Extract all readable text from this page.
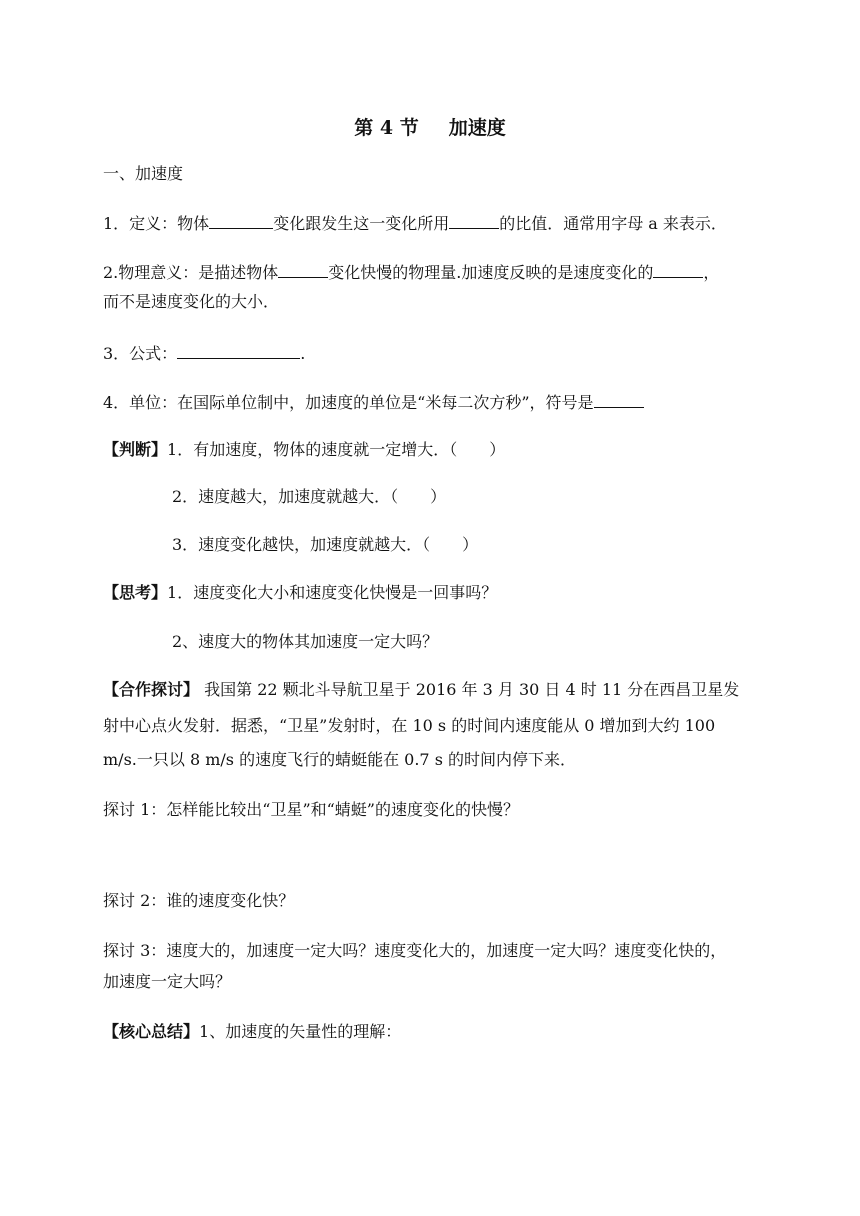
第 4 节 加速度
一、加速度
1．定义：物体	变化跟发生这一变化所用	的比值．通常用字母 a 来表示．
2.物理意义：是描述物体	变化快慢的物理量.加速度反映的是速度变化的	，
而不是速度变化的大小．
3．公式：	.
4．单位：在国际单位制中，加速度的单位是“米每二次方秒”，符号是
【判断】1．有加速度，物体的速度就一定增大．（　　）
2．速度越大，加速度就越大．（　　）
3．速度变化越快，加速度就越大．（　　）
【思考】1．速度变化大小和速度变化快慢是一回事吗？
2、速度大的物体其加速度一定大吗？
【合作探讨】 我国第 22 颗北斗导航卫星于 2016 年 3 月 30 日 4 时 11 分在西昌卫星发
射中心点火发射．据悉，“卫星”发射时，在 10 s 的时间内速度能从 0 增加到大约 100
m/s.一只以 8 m/s 的速度飞行的蜻蜓能在 0.7 s 的时间内停下来．
探讨 1：怎样能比较出“卫星”和“蜻蜓”的速度变化的快慢？
探讨 2：谁的速度变化快？
探讨 3：速度大的，加速度一定大吗？速度变化大的，加速度一定大吗？速度变化快的，
加速度一定大吗？
【核心总结】1、加速度的矢量性的理解：
